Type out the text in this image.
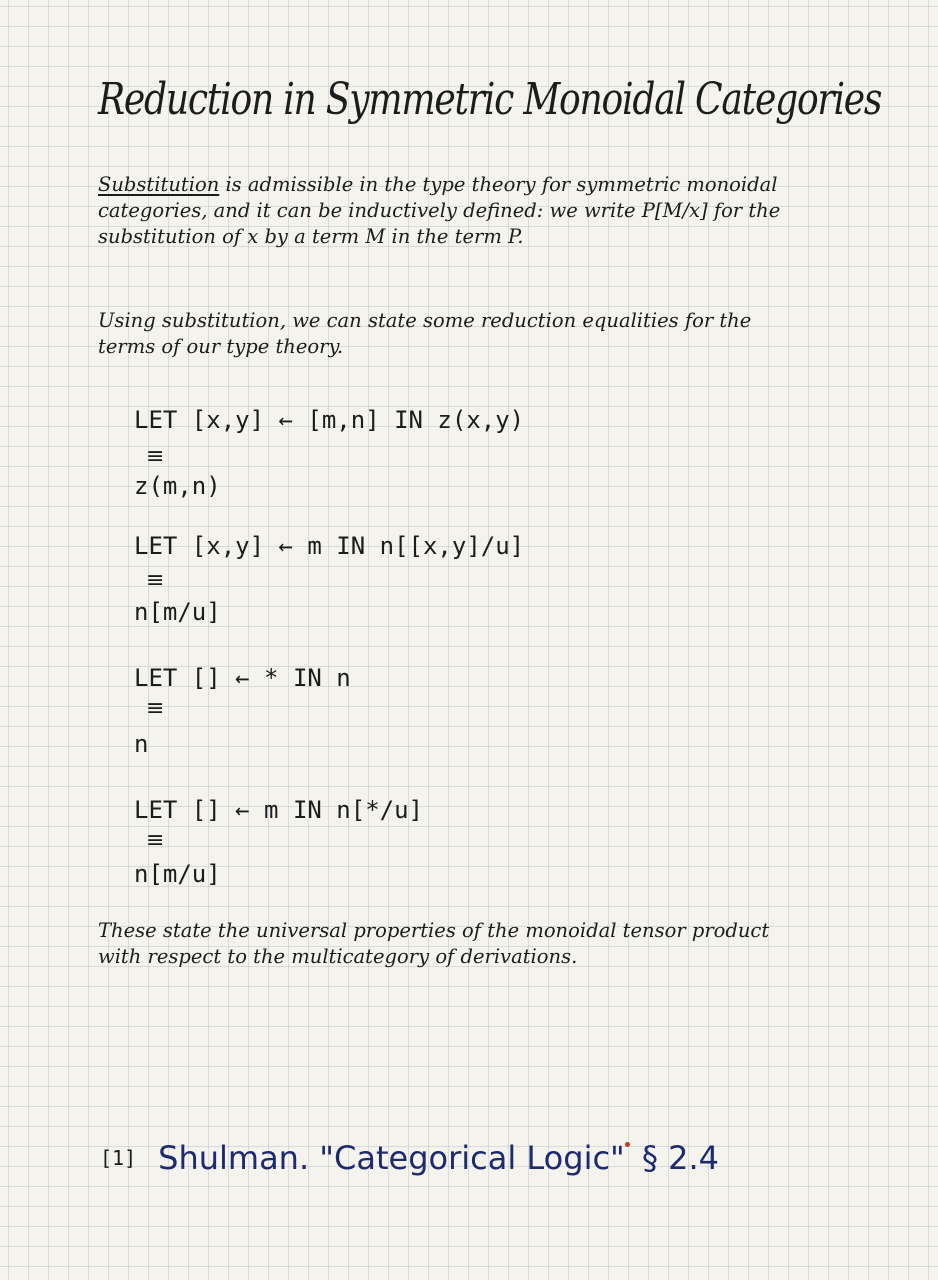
Reduction in Symmetric Monoidal Categories
Substitution is admissible in the type theory for symmetric monoidal categories, and it can be inductively defined: we write P[M/x] for the substitution of x by a term M in the term P.
Using substitution, we can state some reduction equalities for the terms of our type theory.
LET [x,y] ← [m,n] IN z(x,y)
≡
z(m,n)
LET [x,y] ← m IN n[[x,y]/u]
≡
n[m/u]
LET [] ← * IN n
≡
n
LET [] ← m IN n[*/u]
≡
n[m/u]
These state the universal properties of the monoidal tensor product with respect to the multicategory of derivations.
[1] Shulman. "Categorical Logic" § 2.4
